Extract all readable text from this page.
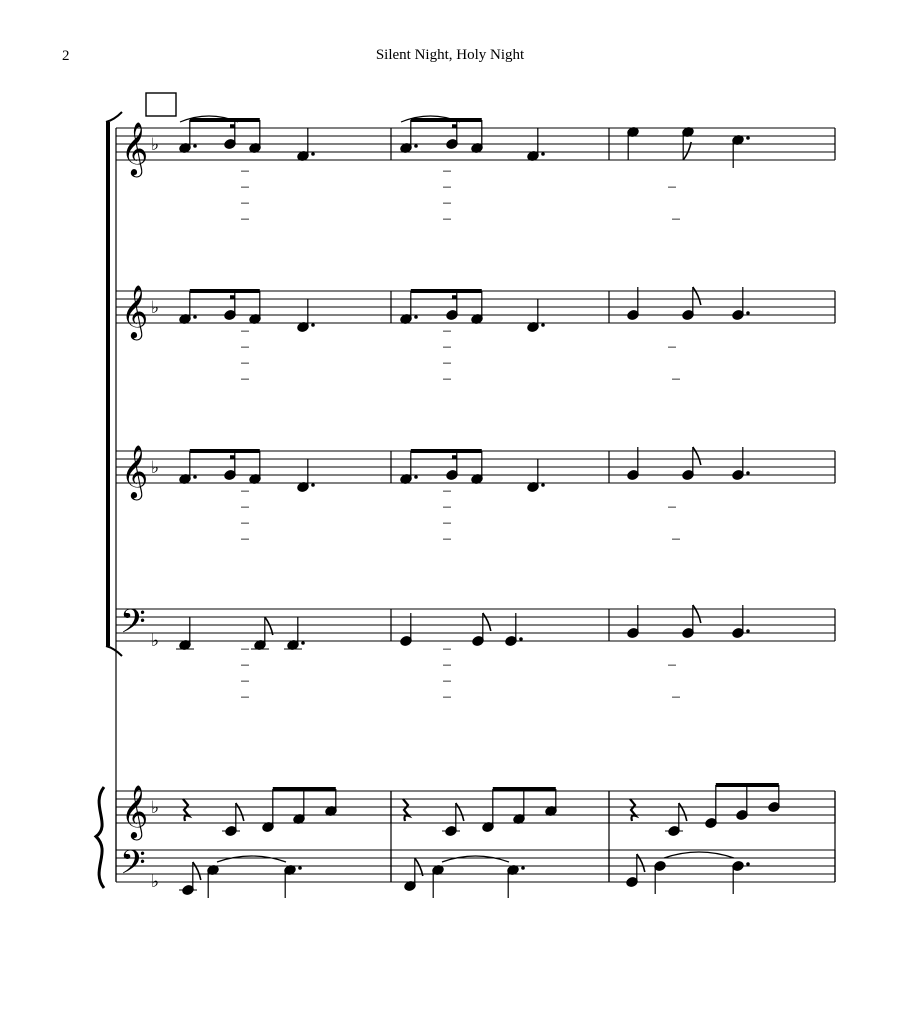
2	Silent Night, Holy Night
𝄞 ♭
𝄞 ♭
𝄞 ♭
𝄢 ♭
–	–
–	–	–
–	–
–	–	–
–	–
–	–	–
–	–
–	–	–
–	–
–	–	–
–	–
–	–	–
–	–
–	–	–
–	–
–	–	–
𝄞 ♭
𝄢 ♭
